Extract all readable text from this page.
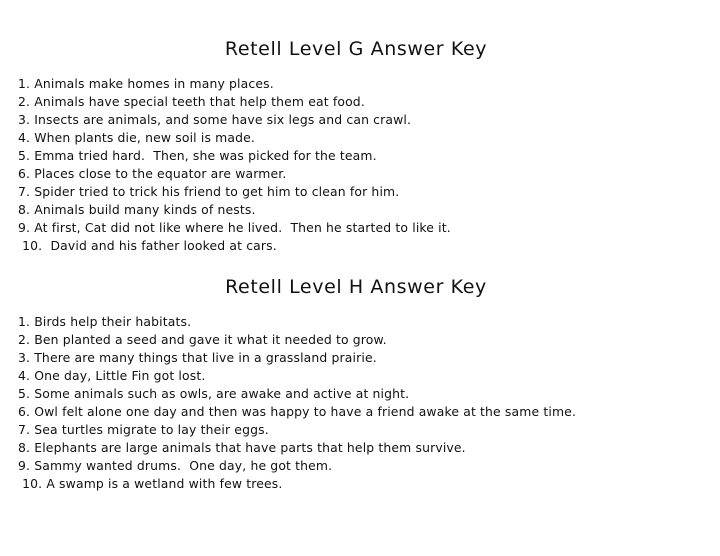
Retell Level G Answer Key
1. Animals make homes in many places.
2. Animals have special teeth that help them eat food.
3. Insects are animals, and some have six legs and can crawl.
4. When plants die, new soil is made.
5. Emma tried hard.  Then, she was picked for the team.
6. Places close to the equator are warmer.
7. Spider tried to trick his friend to get him to clean for him.
8. Animals build many kinds of nests.
9. At first, Cat did not like where he lived.  Then he started to like it.
10. David and his father looked at cars.
Retell Level H Answer Key
1. Birds help their habitats.
2. Ben planted a seed and gave it what it needed to grow.
3. There are many things that live in a grassland prairie.
4. One day, Little Fin got lost.
5. Some animals such as owls, are awake and active at night.
6. Owl felt alone one day and then was happy to have a friend awake at the same time.
7. Sea turtles migrate to lay their eggs.
8. Elephants are large animals that have parts that help them survive.
9. Sammy wanted drums.  One day, he got them.
10. A swamp is a wetland with few trees.
